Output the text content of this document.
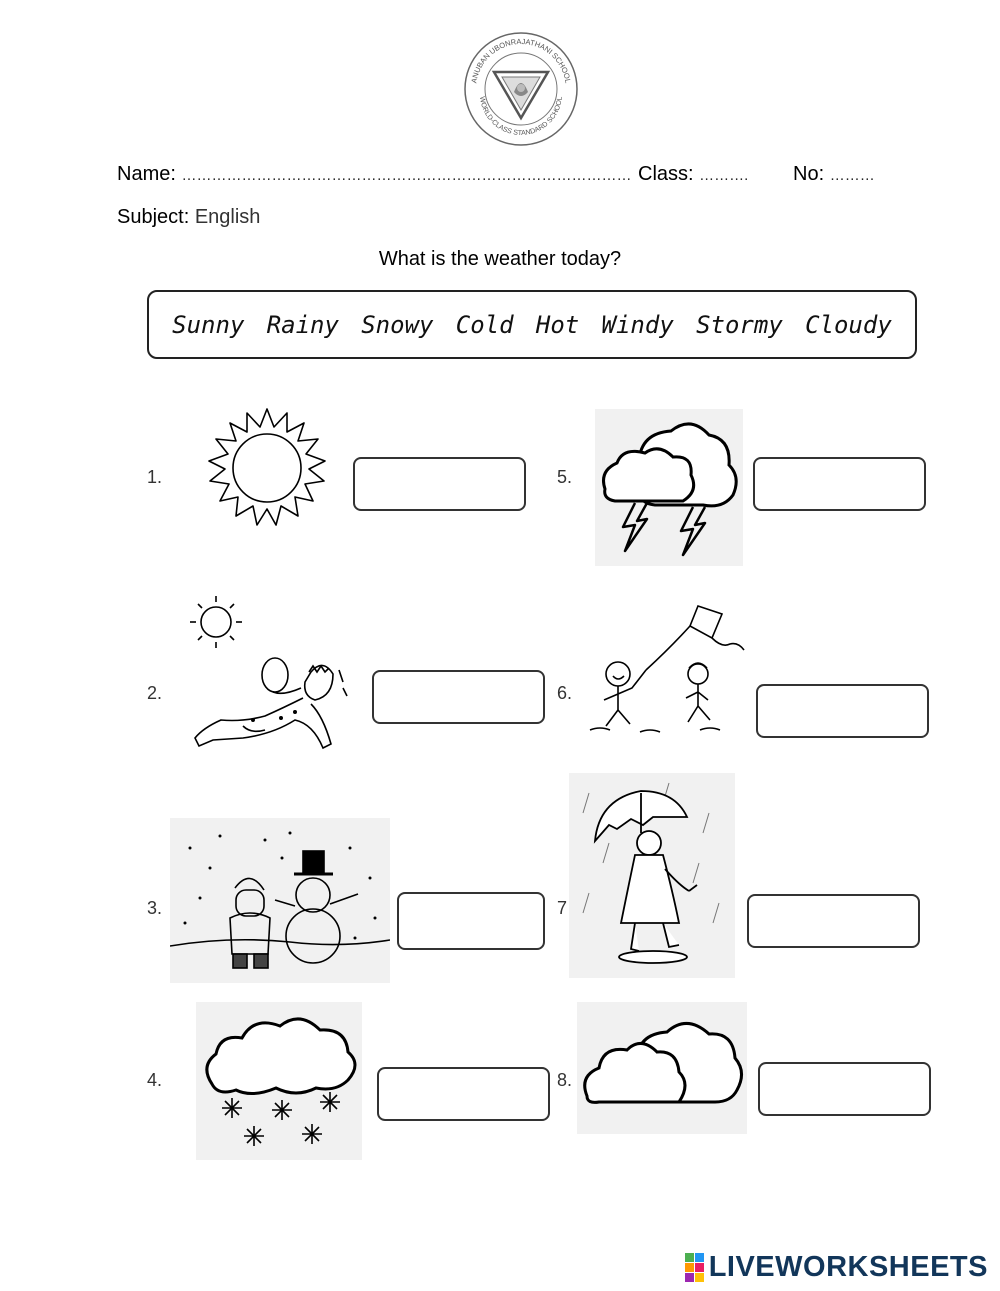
ANUBAN UBONRAJATHANI SCHOOL
WORLD-CLASS STANDARD SCHOOL
Name: ……………………………………………………………………………… Class: ………. No: ………
Subject: English
What is the weather today?
Sunny Rainy Snowy Cold Hot Windy Stormy Cloudy
1.
2.
3.
4.
5.
6.
7
8.
LIVEWORKSHEETS
